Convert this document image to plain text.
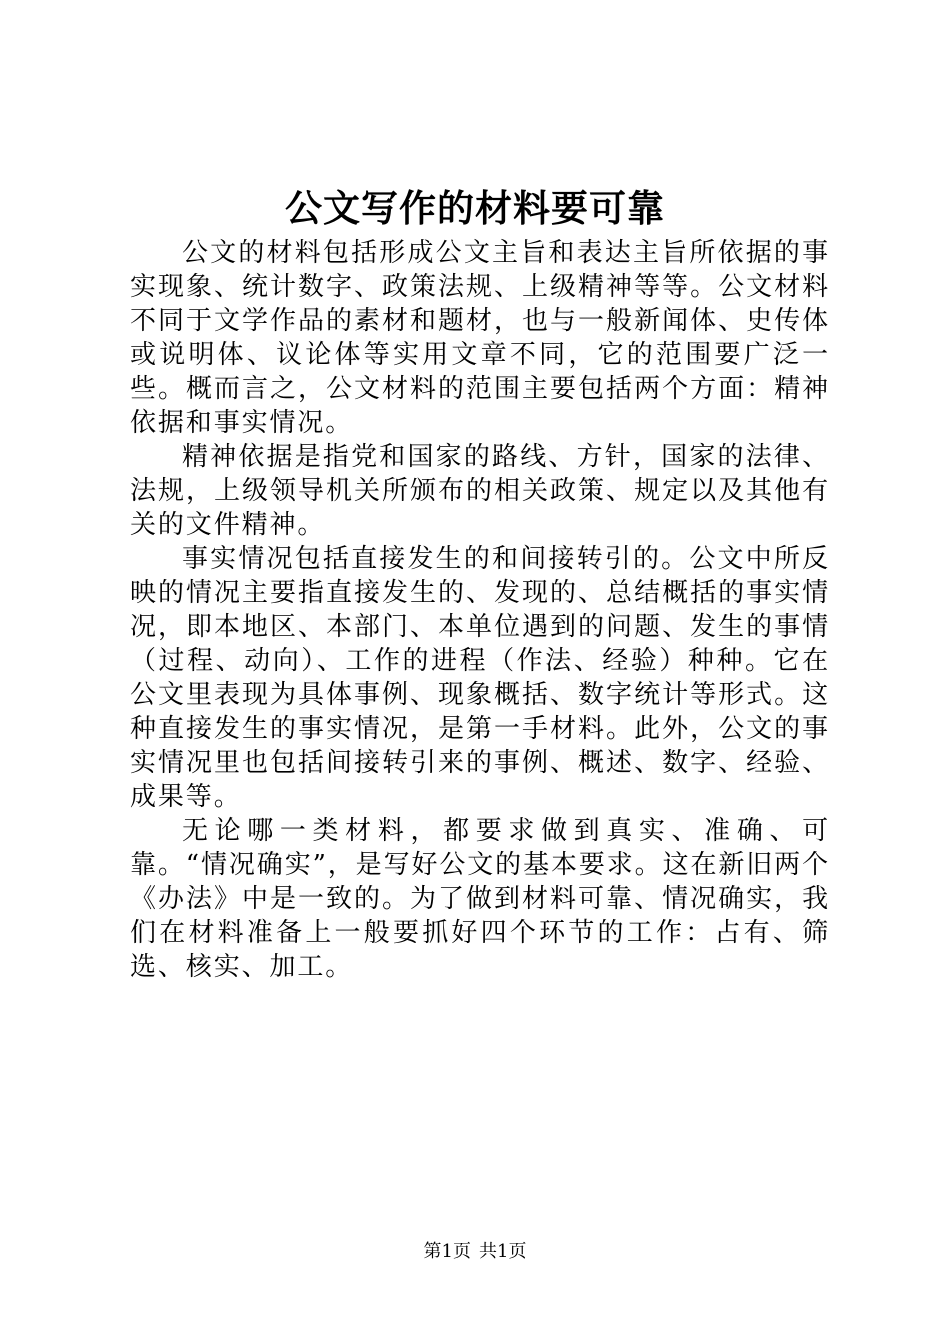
公文写作的材料要可靠

公文的材料包括形成公文主旨和表达主旨所依据的事实现象、统计数字、政策法规、上级精神等等。公文材料不同于文学作品的素材和题材，也与一般新闻体、史传体或说明体、议论体等实用文章不同，它的范围要广泛一些。概而言之，公文材料的范围主要包括两个方面：精神依据和事实情况。

精神依据是指党和国家的路线、方针，国家的法律、法规，上级领导机关所颁布的相关政策、规定以及其他有关的文件精神。

事实情况包括直接发生的和间接转引的。公文中所反映的情况主要指直接发生的、发现的、总结概括的事实情况，即本地区、本部门、本单位遇到的问题、发生的事情（过程、动向）、工作的进程（作法、经验）种种。它在公文里表现为具体事例、现象概括、数字统计等形式。这种直接发生的事实情况，是第一手材料。此外，公文的事实情况里也包括间接转引来的事例、概述、数字、经验、成果等。

无论哪一类材料，都要求做到真实、准确、可靠。“情况确实”，是写好公文的基本要求。这在新旧两个《办法》中是一致的。为了做到材料可靠、情况确实，我们在材料准备上一般要抓好四个环节的工作：占有、筛选、核实、加工。

第1页 共1页
